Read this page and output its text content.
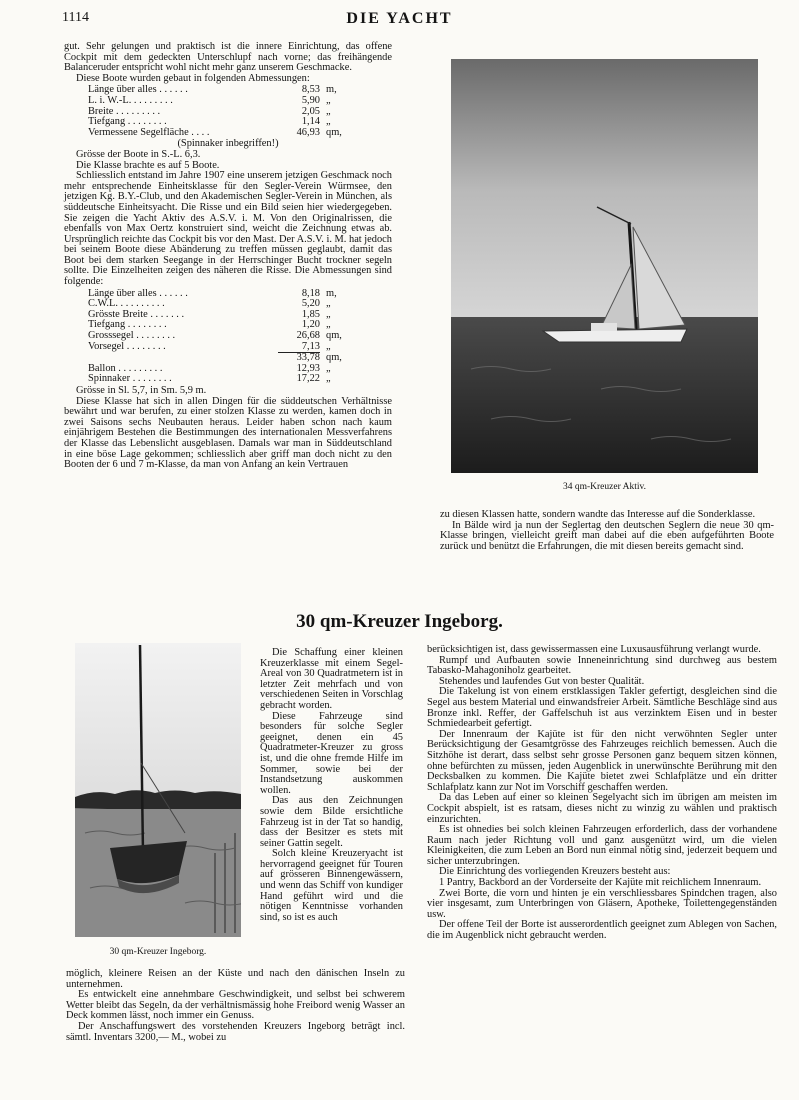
1114	DIE YACHT

gut. Sehr gelungen und praktisch ist die innere Einrichtung, das offene Cockpit mit dem gedeckten Unterschlupf nach vorne; das freihängende Balanceruder entspricht wohl nicht mehr ganz unserem Geschmacke.

Diese Boote wurden gebaut in folgenden Abmessungen:

Länge über alles . . . . . .	8,53	m,
L. i. W.-L. . . . . . . . .	5,90	„
Breite . . . . . . . . .	2,05	„
Tiefgang . . . . . . . .	1,14	„
Vermessene Segelfläche . . . .	46,93	qm,

(Spinnaker inbegriffen!)

Grösse der Boote in S.-L. 6,3.

Die Klasse brachte es auf 5 Boote.

Schliesslich entstand im Jahre 1907 eine unserem jetzigen Geschmack noch mehr entsprechende Einheitsklasse für den Segler-Verein Würmsee, den jetzigen Kg. B.Y.-Club, und den Akademischen Segler-Verein in München, als süddeutsche Einheitsyacht. Die Risse und ein Bild seien hier wiedergegeben. Sie zeigen die Yacht Aktiv des A.S.V. i. M. Von den Originalrissen, die ebenfalls von Max Oertz konstruiert sind, weicht die Zeichnung etwas ab. Ursprünglich reichte das Cockpit bis vor den Mast. Der A.S.V. i. M. hat jedoch bei seinem Boote diese Abänderung zu treffen müssen geglaubt, damit das Boot bei dem starken Seegange in der Herrschinger Bucht trockner segeln sollte. Die Einzelheiten zeigen des näheren die Risse. Die Abmessungen sind folgende:

Länge über alles . . . . . .	8,18	m,
C.W.L. . . . . . . . . .	5,20	„
Grösste Breite . . . . . . .	1,85	„
Tiefgang . . . . . . . .	1,20	„
Grosssegel . . . . . . . .	26,68	qm,
Vorsegel . . . . . . . .	7,13	„
	33,78	qm,
Ballon . . . . . . . . .	12,93	„
Spinnaker . . . . . . . .	17,22	„

Grösse in Sl. 5,7, in Sm. 5,9 m.

Diese Klasse hat sich in allen Dingen für die süddeutschen Verhältnisse bewährt und war berufen, zu einer stolzen Klasse zu werden, kamen doch in zwei Saisons sechs Neubauten heraus. Leider haben schon nach kaum einjährigem Bestehen die Bestimmungen des internationalen Messverfahrens der Klasse das Lebenslicht ausgeblasen. Damals war man in Süddeutschland in eine böse Lage gekommen; schliesslich aber griff man doch nicht zu den Booten der 6 und 7 m-Klasse, da man von Anfang an kein Vertrauen

34 qm-Kreuzer Aktiv.

zu diesen Klassen hatte, sondern wandte das Interesse auf die Sonderklasse.

In Bälde wird ja nun der Seglertag den deutschen Seglern die neue 30 qm-Klasse bringen, vielleicht greift man dabei auf die eben aufgeführten Boote zurück und benützt die Erfahrungen, die mit diesen bereits gemacht sind.

30 qm-Kreuzer Ingeborg.
30 qm-Kreuzer Ingeborg.

Die Schaffung einer kleinen Kreuzerklasse mit einem Segel-Areal von 30 Quadratmetern ist in letzter Zeit mehrfach und von verschiedenen Seiten in Vorschlag gebracht worden.

Diese Fahrzeuge sind besonders für solche Segler geeignet, denen ein 45 Quadratmeter-Kreuzer zu gross ist, und die ohne fremde Hilfe im Sommer, sowie bei der Instandsetzung auskommen wollen.

Das aus den Zeichnungen sowie dem Bilde ersichtliche Fahrzeug ist in der Tat so handig, dass der Besitzer es stets mit seiner Gattin segelt.

Solch kleine Kreuzeryacht ist hervorragend geeignet für Touren auf grösseren Binnengewässern, und wenn das Schiff von kundiger Hand geführt wird und die nötigen Kenntnisse vorhanden sind, so ist es auch

möglich, kleinere Reisen an der Küste und nach den dänischen Inseln zu unternehmen.

Es entwickelt eine annehmbare Geschwindigkeit, und selbst bei schwerem Wetter bleibt das Segeln, da der verhältnismässig hohe Freibord wenig Wasser an Deck kommen lässt, noch immer ein Genuss.

Der Anschaffungswert des vorstehenden Kreuzers Ingeborg beträgt incl. sämtl. Inventars 3200,— M., wobei zu

berücksichtigen ist, dass gewissermassen eine Luxusausführung verlangt wurde.

Rumpf und Aufbauten sowie Inneneinrichtung sind durchweg aus bestem Tabasko-Mahagoniholz gearbeitet.

Stehendes und laufendes Gut von bester Qualität.

Die Takelung ist von einem erstklassigen Takler gefertigt, desgleichen sind die Segel aus bestem Material und einwandsfreier Arbeit. Sämtliche Beschläge sind aus Bronze inkl. Reffer, der Gaffelschuh ist aus verzinktem Eisen und in bester Schmiedearbeit gefertigt.

Der Innenraum der Kajüte ist für den nicht verwöhnten Segler unter Berücksichtigung der Gesamtgrösse des Fahrzeuges reichlich bemessen. Auch die Sitzhöhe ist derart, dass selbst sehr grosse Personen ganz bequem sitzen können, ohne befürchten zu müssen, jeden Augenblick in unerwünschte Berührung mit den Decksbalken zu kommen. Die Kajüte bietet zwei Schlafplätze und ein dritter Schlafplatz kann zur Not im Vorschiff geschaffen werden.

Da das Leben auf einer so kleinen Segelyacht sich im übrigen am meisten im Cockpit abspielt, ist es ratsam, dieses nicht zu winzig zu wählen und praktisch einzurichten.

Es ist ohnedies bei solch kleinen Fahrzeugen erforderlich, dass der vorhandene Raum nach jeder Richtung voll und ganz ausgenützt wird, um die vielen Kleinigkeiten, die zum Leben an Bord nun einmal nötig sind, jederzeit bequem und sicher unterzubringen.

Die Einrichtung des vorliegenden Kreuzers besteht aus:

1 Pantry, Backbord an der Vorderseite der Kajüte mit reichlichem Innenraum.

Zwei Borte, die vorn und hinten je ein verschliessbares Spindchen tragen, also vier insgesamt, zum Unterbringen von Gläsern, Apotheke, Toilettengegenständen usw.

Der offene Teil der Borte ist ausserordentlich geeignet zum Ablegen von Sachen, die im Augenblick nicht gebraucht werden.
